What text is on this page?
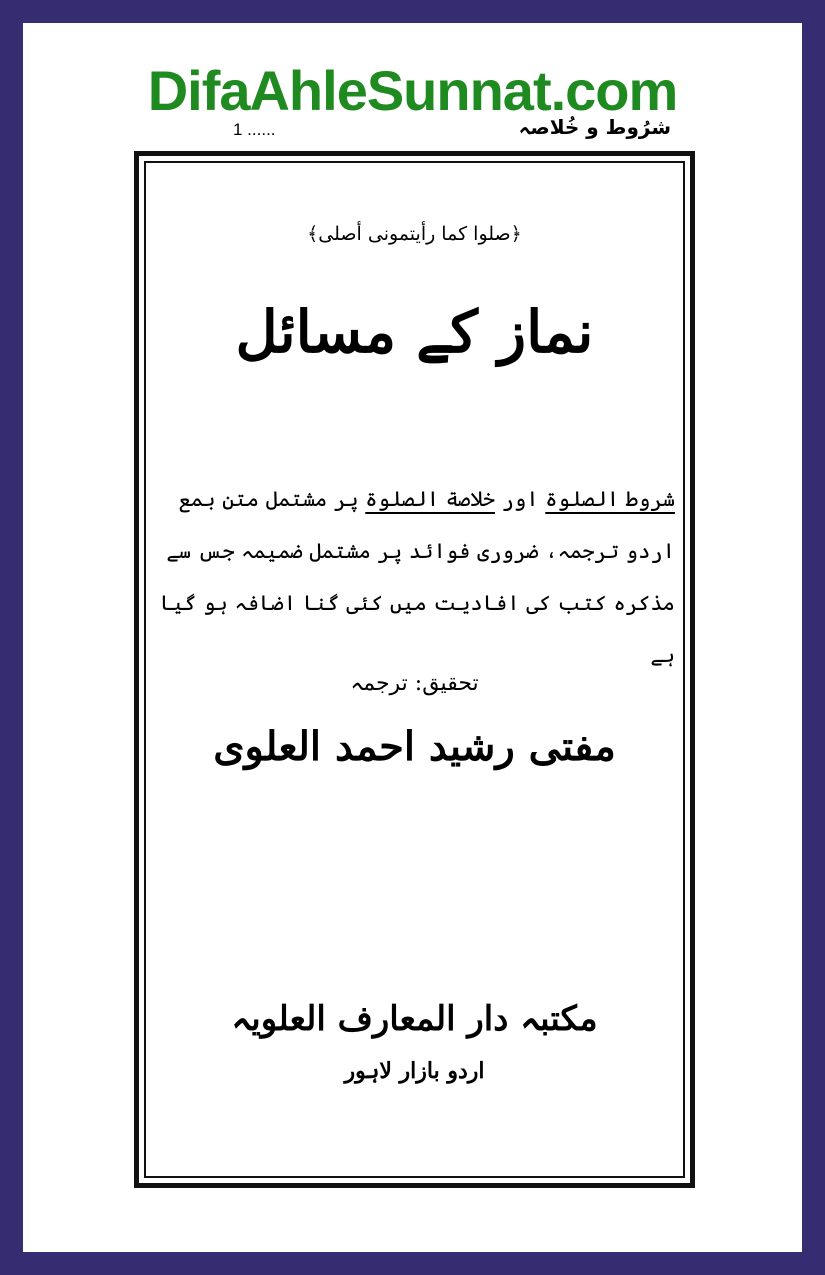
DifaAhleSunnat.com
1 ......	شرُوط و خُلاصہ
﴿صلوا كما رأيتمونی أصلی﴾
نماز کے مسائل
شروط الصلوة اور خلاصة الصلوة پر مشتمل متن بمع اردو ترجمہ، ضروری فوائد پر مشتمل ضمیمہ جس سے مذکرہ کتب کی افادیت میں کئی گنا اضافہ ہو گیا ہے
تحقیق: ترجمہ
مفتی رشید احمد العلوی
مکتبہ دار المعارف العلویہ
اردو بازار لاہور
